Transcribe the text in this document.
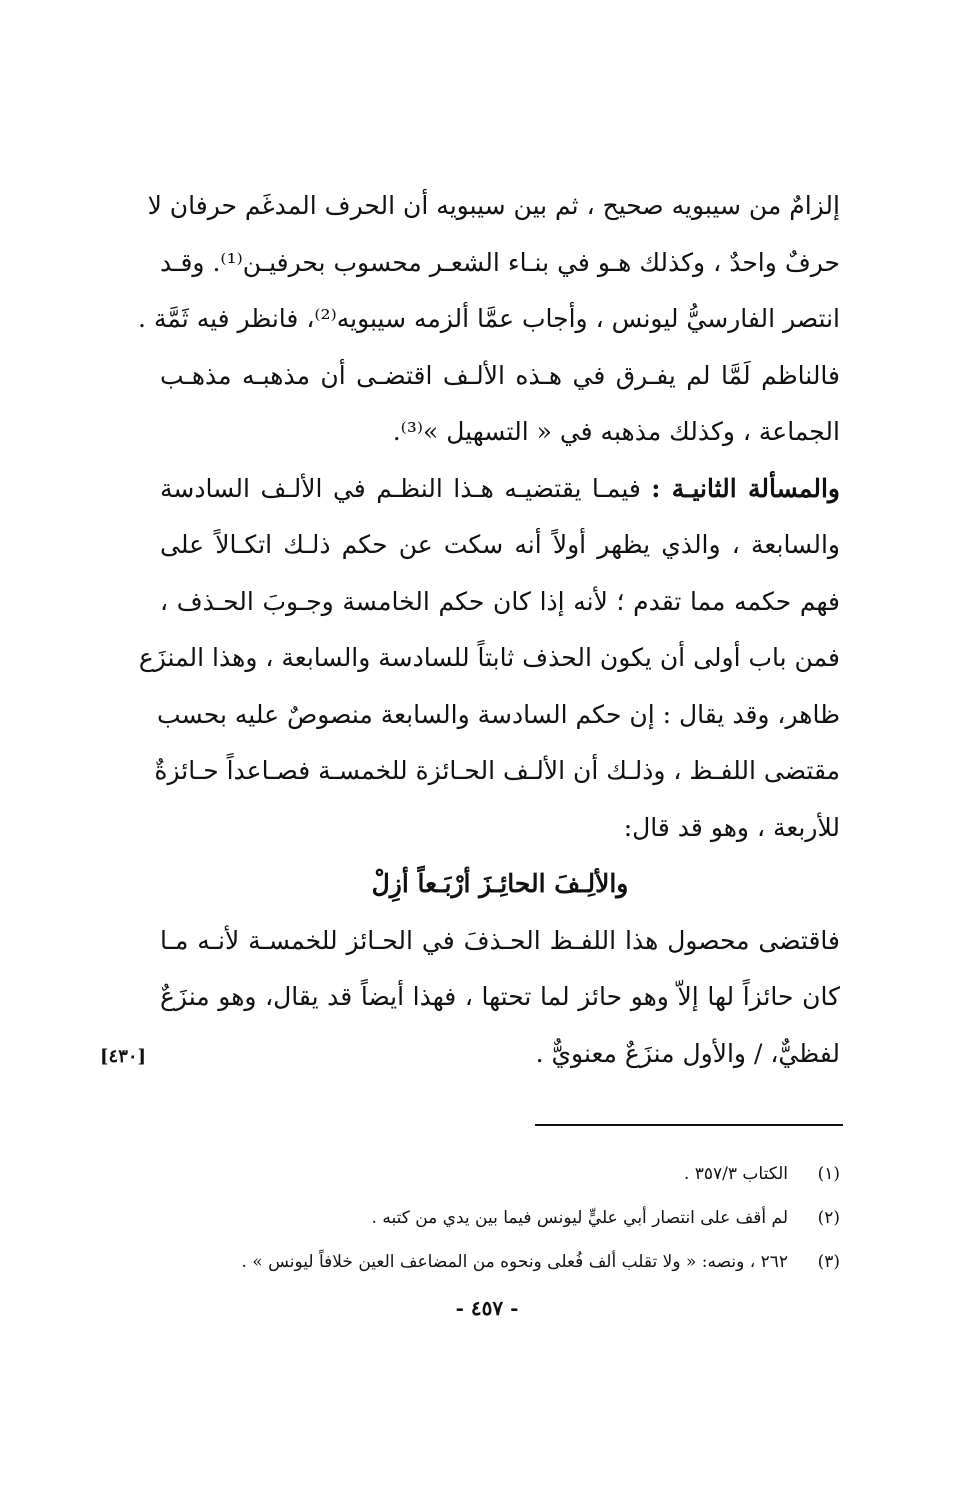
إلزامٌ من سيبويه صحيح ، ثم بين سيبويه أن الحرف المدغَم حرفان لا
حرفٌ واحدٌ ، وكذلك هـو في بنـاء الشعـر محسوب بحرفيـن⁽¹⁾. وقـد
انتصر الفارسيُّ ليونس ، وأجاب عمَّا ألزمه سيبويه⁽²⁾، فانظر فيه ثَمَّة .
فالناظم لَمَّا لم يفـرق في هـذه الألـف اقتضـى أن مذهبـه مذهـب
الجماعة ، وكذلك مذهبه في « التسهيل »⁽³⁾.
والمسألة الثانيـة : فيمـا يقتضيـه هـذا النظـم في الألـف السادسة
والسابعة ، والذي يظهر أولاً أنه سكت عن حكم ذلـك اتكـالاً على
فهم حكمه مما تقدم ؛ لأنه إذا كان حكم الخامسة وجـوبَ الحـذف ،
فمن باب أولى أن يكون الحذف ثابتاً للسادسة والسابعة ، وهذا المنزَع
ظاهر، وقد يقال : إن حكم السادسة والسابعة منصوصٌ عليه بحسب
مقتضى اللفـظ ، وذلـك أن الألـف الحـائزة للخمسـة فصـاعداً حـائزةٌ
للأربعة ، وهو قد قال:
والألِـفَ الحائِـزَ أرْبَـعاً أزِلْ
فاقتضى محصول هذا اللفـظ الحـذفَ في الحـائز للخمسـة لأنـه مـا
كان حائزاً لها إلاّ وهو حائز لما تحتها ، فهذا أيضاً قد يقال، وهو منزَعٌ
لفظيٌّ، / والأول منزَعٌ معنويٌّ .
[٤٣٠]
(١)
الكتاب ٣٥٧/٣ .
(٢)
لم أقف على انتصار أبي عليٍّ ليونس فيما بين يدي من كتبه .
(٣)
٢٦٢ ، ونصه: « ولا تقلب ألف فُعلى ونحوه من المضاعف العين خلافاً ليونس » .
- ٤٥٧ -
